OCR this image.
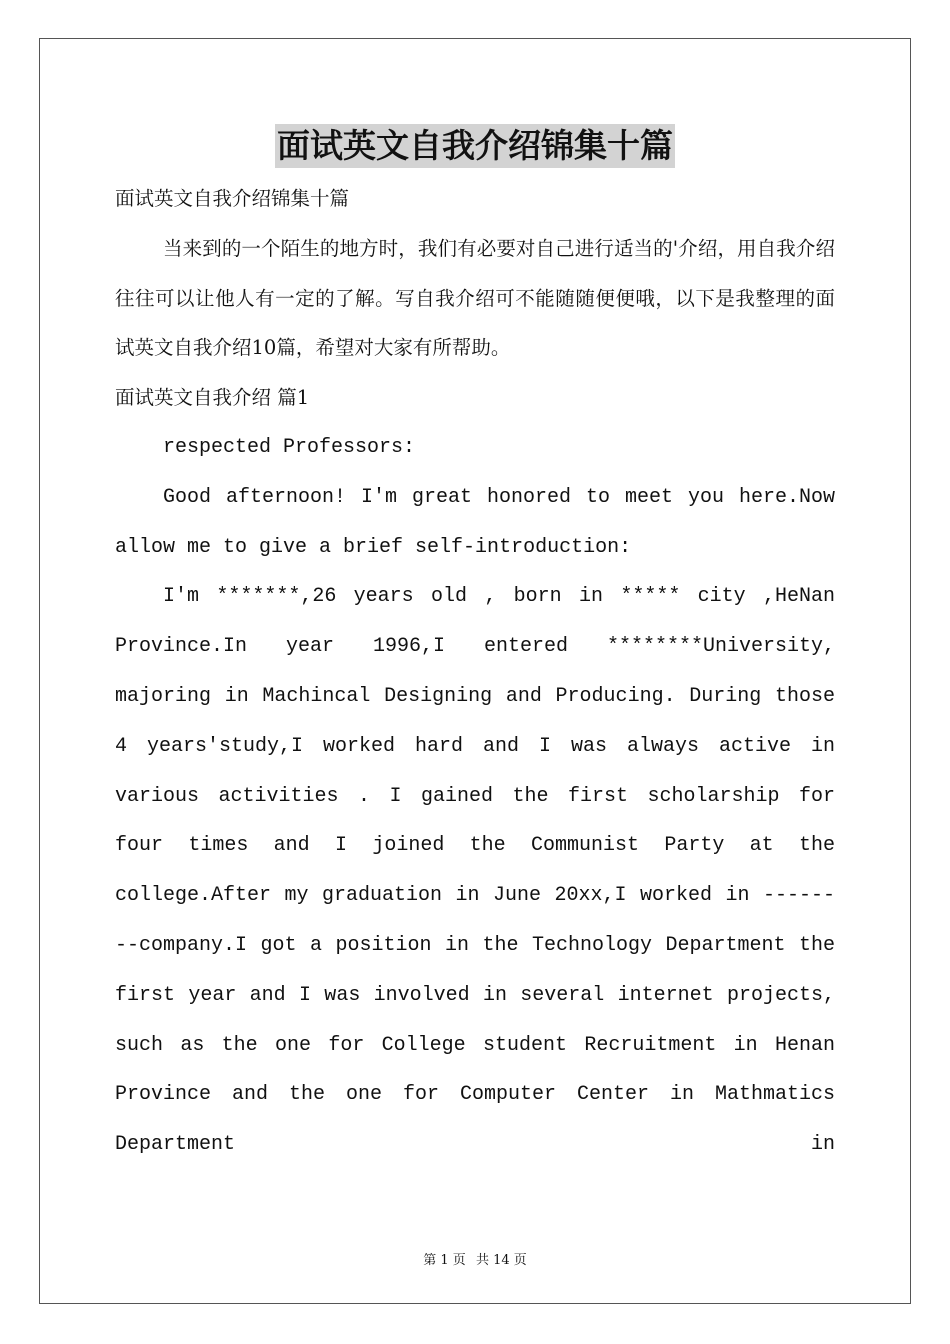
面试英文自我介绍锦集十篇

面试英文自我介绍锦集十篇

当来到的一个陌生的地方时，我们有必要对自己进行适当的'介绍，用自我介绍往往可以让他人有一定的了解。写自我介绍可不能随随便便哦，以下是我整理的面试英文自我介绍10篇，希望对大家有所帮助。

面试英文自我介绍 篇1

respected Professors:

Good afternoon! I'm great honored to meet you here.Now allow me to give a brief self-introduction:

I'm *******,26 years old , born in ***** city ,HeNan Province.In year 1996,I entered ********University, majoring in Machincal Designing and Producing. During those 4 years'study,I worked hard and I was always active in various activities . I gained the first scholarship for four times and I joined the Communist Party at the college.After my graduation in June 20xx,I worked in --------company.I got a position in the Technology Department the first year and I was involved in several internet projects, such as the one for College student Recruitment in Henan Province and the one for Computer Center in Mathmatics Department in

第 1 页 共 14 页
